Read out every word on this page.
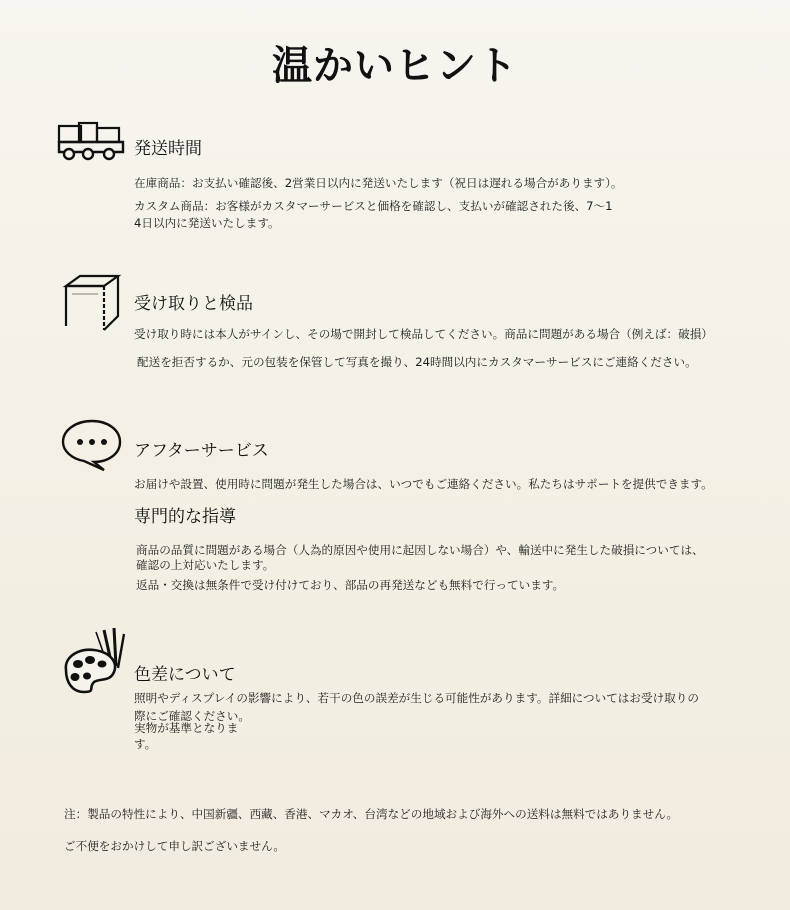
温かいヒント
発送時間
在庫商品：お支払い確認後、2営業日以内に発送いたします（祝日は遅れる場合があります）。
カスタム商品：お客様がカスタマーサービスと価格を確認し、支払いが確認された後、7〜1
4日以内に発送いたします。
受け取りと検品
受け取り時には本人がサインし、その場で開封して検品してください。商品に問題がある場合（例えば：破損）
配送を拒否するか、元の包装を保管して写真を撮り、24時間以内にカスタマーサービスにご連絡ください。
アフターサービス
お届けや設置、使用時に問題が発生した場合は、いつでもご連絡ください。私たちはサポートを提供できます。
専門的な指導
商品の品質に問題がある場合（人為的原因や使用に起因しない場合）や、輸送中に発生した破損については、
確認の上対応いたします。
返品・交換は無条件で受け付けており、部品の再発送なども無料で行っています。
色差について
照明やディスプレイの影響により、若干の色の誤差が生じる可能性があります。詳細についてはお受け取りの
際にご確認ください。
実物が基準となりま
す。
注：製品の特性により、中国新疆、西藏、香港、マカオ、台湾などの地域および海外への送料は無料ではありません。
ご不便をおかけして申し訳ございません。
